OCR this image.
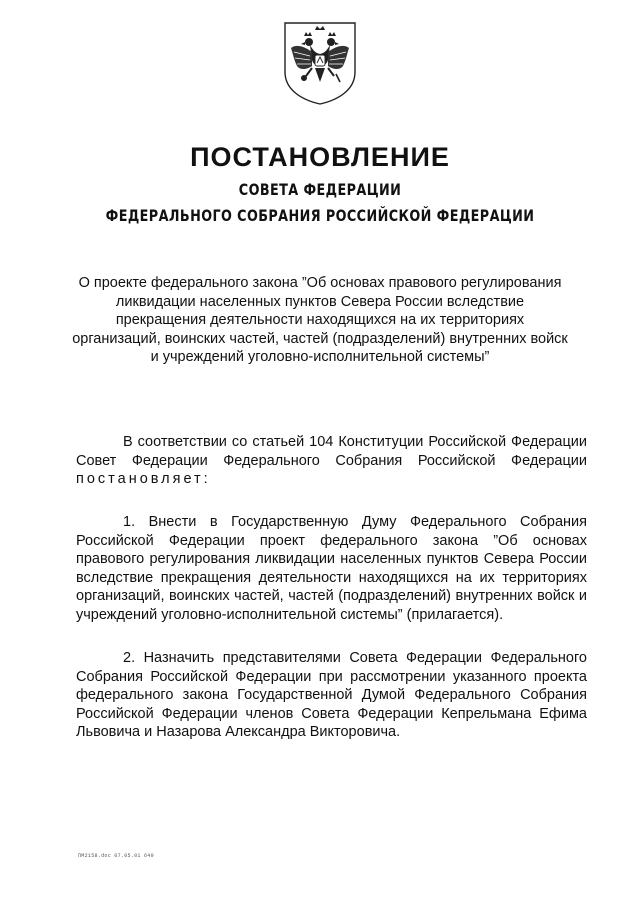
ПОСТАНОВЛЕНИЕ
СОВЕТА ФЕДЕРАЦИИ
ФЕДЕРАЛЬНОГО СОБРАНИЯ РОССИЙСКОЙ ФЕДЕРАЦИИ

О проекте федерального закона ”Об основах правового регулирования ликвидации населенных пунктов Севера России вследствие прекращения деятельности находящихся на их территориях организаций, воинских частей, частей (подразделений) внутренних войск и учреждений уголовно-исполнительной системы”

В соответствии со статьей 104 Конституции Российской Федерации Совет Федерации Федерального Собрания Российской Федерации постановляет:

1. Внести в Государственную Думу Федерального Собрания Российской Федерации проект федерального закона ”Об основах правового регулирования ликвидации населенных пунктов Севера России вследствие прекращения деятельности находящихся на их территориях организаций, воинских частей, частей (подразделений) внутренних войск и учреждений уголовно-исполнительной системы” (прилагается).

2. Назначить представителями Совета Федерации Федерального Собрания Российской Федерации при рассмотрении указанного проекта федерального закона Государственной Думой Федерального Собрания Российской Федерации членов Совета Федерации Кепрельмана Ефима Львовича и Назарова Александра Викторовича.

ПМ2158.doc 07.05.01 649
